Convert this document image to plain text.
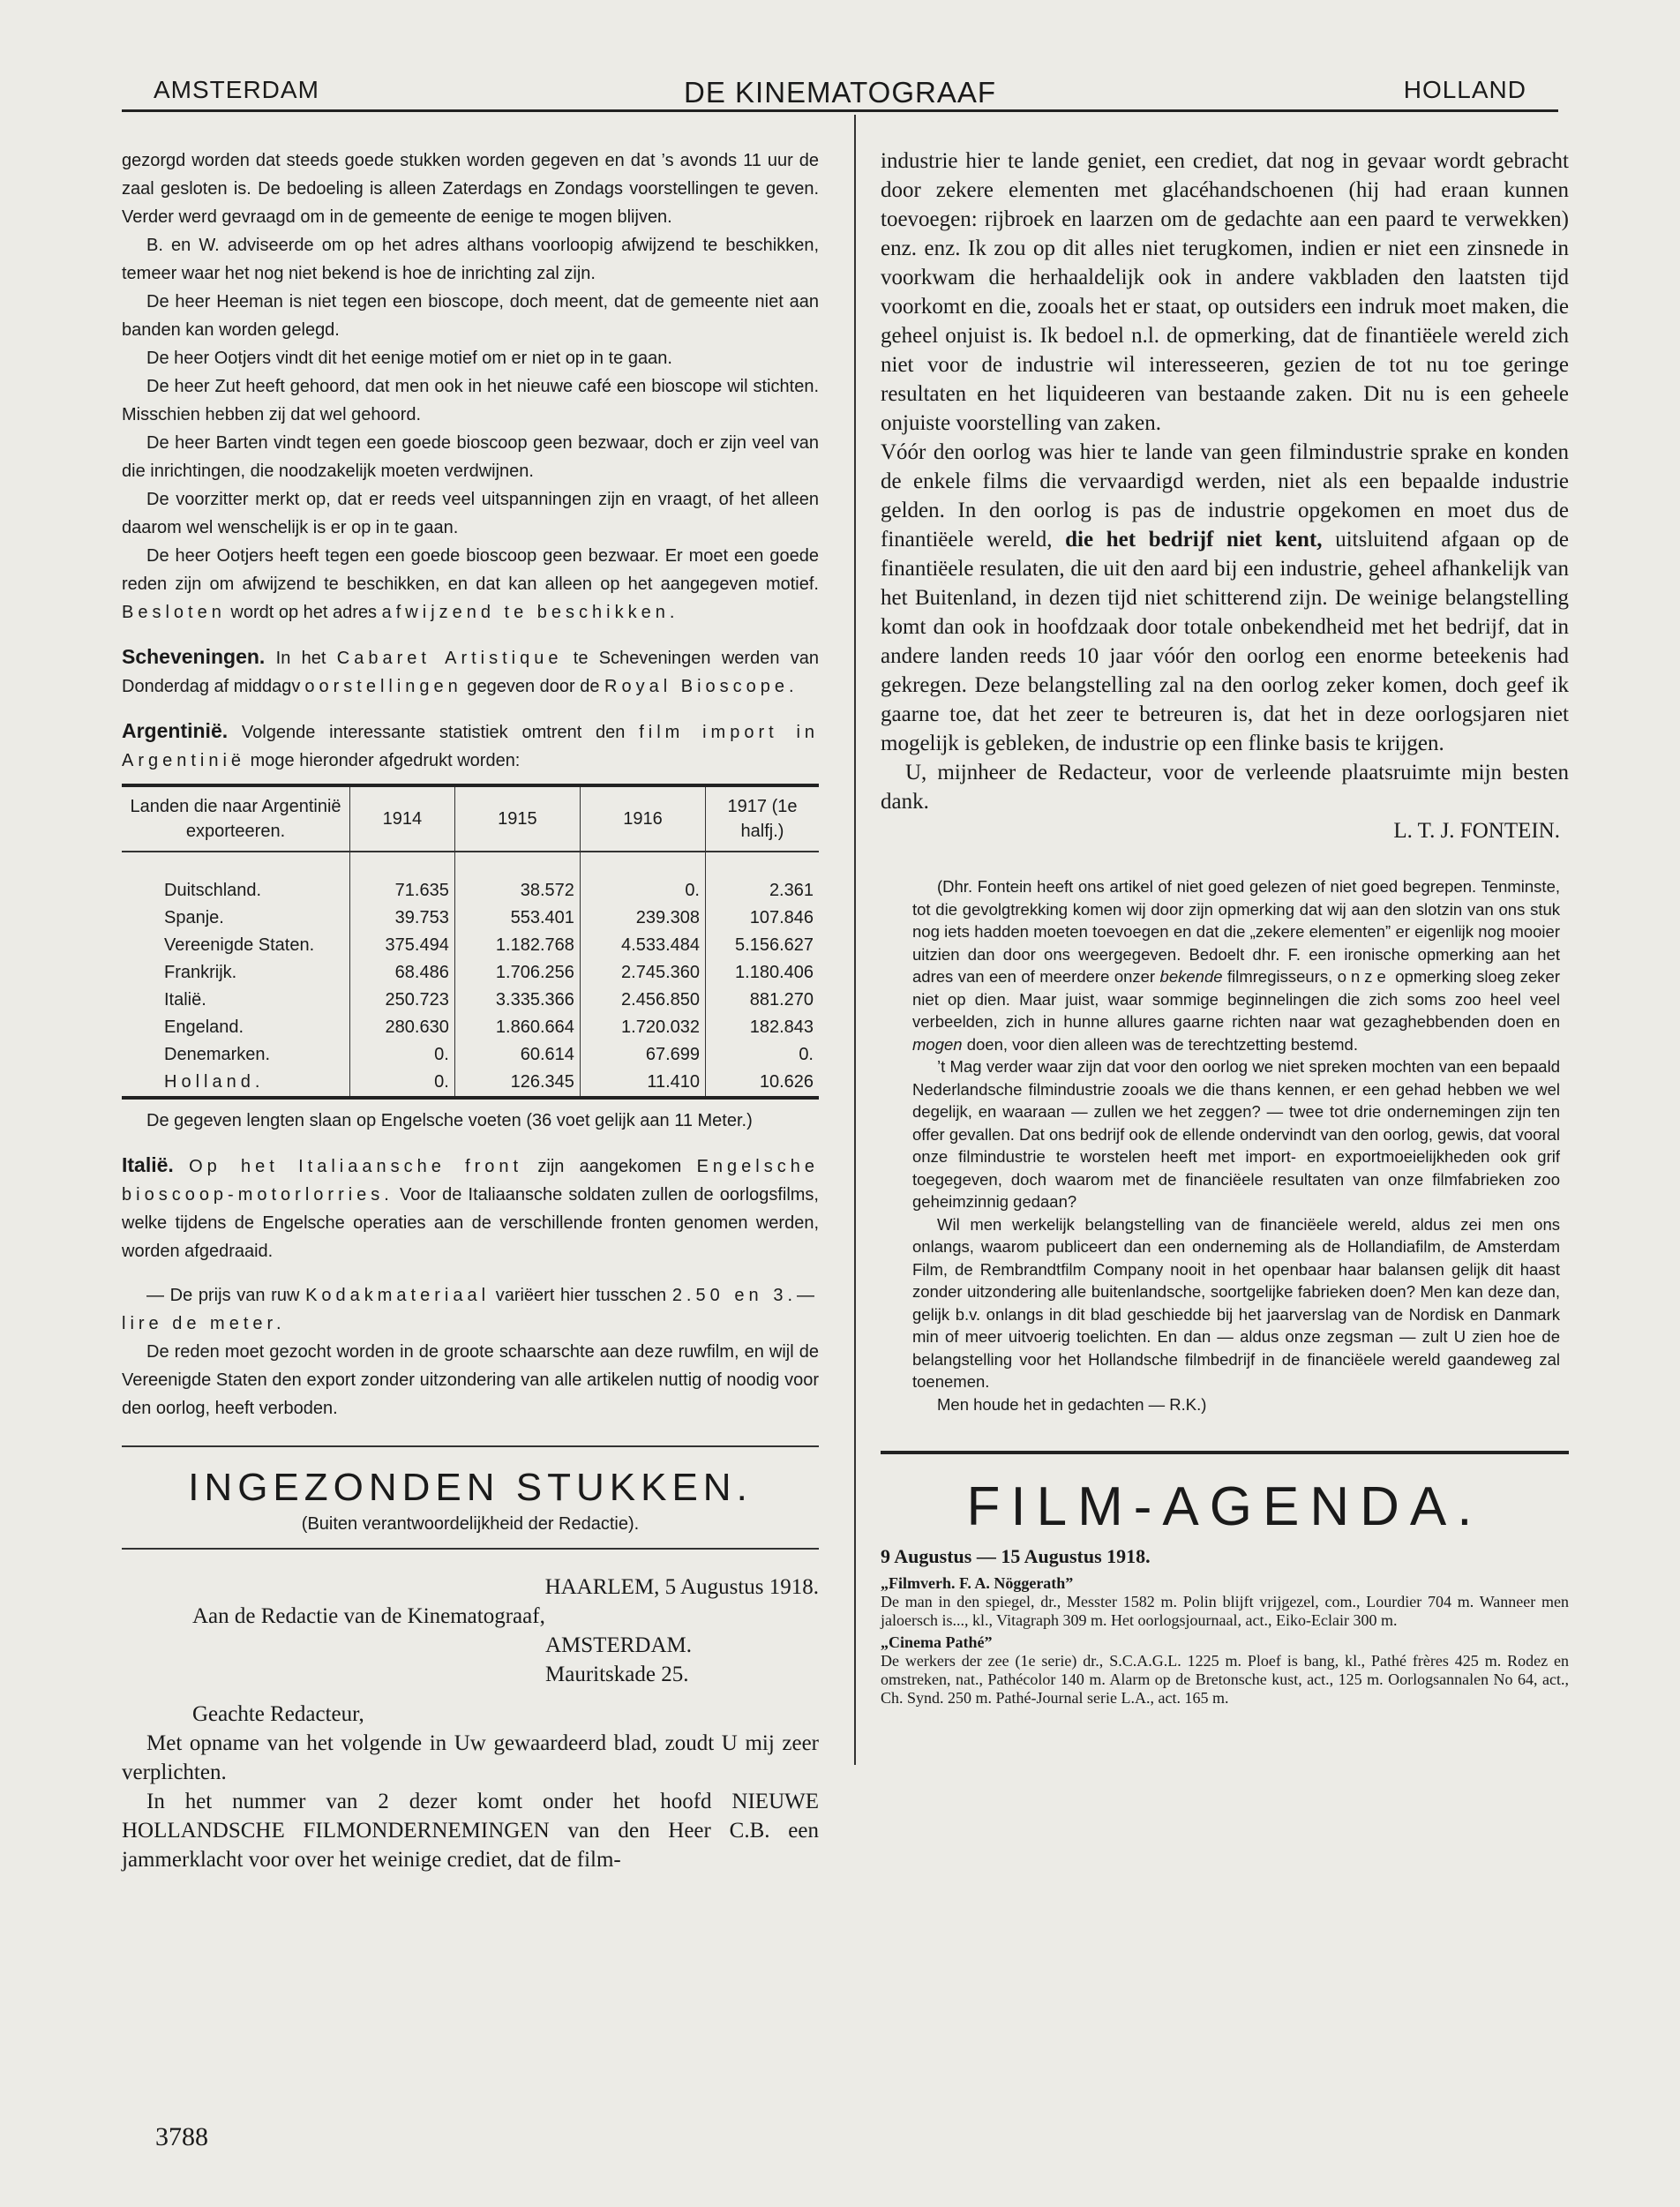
AMSTERDAM	DE KINEMATOGRAAF	HOLLAND

gezorgd worden dat steeds goede stukken worden gegeven en dat ’s avonds 11 uur de zaal gesloten is. De bedoeling is alleen Zaterdags en Zondags voorstellingen te geven. Verder werd gevraagd om in de gemeente de eenige te mogen blijven.

B. en W. adviseerde om op het adres althans voorloopig afwijzend te beschikken, temeer waar het nog niet bekend is hoe de inrichting zal zijn.

De heer Heeman is niet tegen een bioscope, doch meent, dat de gemeente niet aan banden kan worden gelegd.

De heer Ootjers vindt dit het eenige motief om er niet op in te gaan.

De heer Zut heeft gehoord, dat men ook in het nieuwe café een bioscope wil stichten. Misschien hebben zij dat wel gehoord.

De heer Barten vindt tegen een goede bioscoop geen bezwaar, doch er zijn veel van die inrichtingen, die noodzakelijk moeten verdwijnen.

De voorzitter merkt op, dat er reeds veel uitspanningen zijn en vraagt, of het alleen daarom wel wenschelijk is er op in te gaan.

De heer Ootjers heeft tegen een goede bioscoop geen bezwaar. Er moet een goede reden zijn om afwijzend te beschikken, en dat kan alleen op het aangegeven motief. Besloten wordt op het adres afwijzend te beschikken.

Scheveningen. In het Cabaret Artistique te Scheveningen werden van Donderdag af middagvoorstellingen gegeven door de Royal Bioscope.

Argentinië. Volgende interessante statistiek omtrent den film import in Argentinië moge hieronder afgedrukt worden:

Landen die naar Argentinië exporteeren.	1914	1915	1916	1917 (1e halfj.)
Duitschland.	71.635	38.572	0.	2.361
Spanje.	39.753	553.401	239.308	107.846
Vereenigde Staten.	375.494	1.182.768	4.533.484	5.156.627
Frankrijk.	68.486	1.706.256	2.745.360	1.180.406
Italië.	250.723	3.335.366	2.456.850	881.270
Engeland.	280.630	1.860.664	1.720.032	182.843
Denemarken.	0.	60.614	67.699	0.
Holland.	0.	126.345	11.410	10.626

De gegeven lengten slaan op Engelsche voeten (36 voet gelijk aan 11 Meter.)

Italië. Op het Italiaansche front zijn aangekomen Engelsche bioscoop-motorlorries. Voor de Italiaansche soldaten zullen de oorlogsfilms, welke tijdens de Engelsche operaties aan de verschillende fronten genomen werden, worden afgedraaid.

— De prijs van ruw Kodakmateriaal variëert hier tusschen 2.50 en 3.— lire de meter.

De reden moet gezocht worden in de groote schaarschte aan deze ruwfilm, en wijl de Vereenigde Staten den export zonder uitzondering van alle artikelen nuttig of noodig voor den oorlog, heeft verboden.

INGEZONDEN STUKKEN.
(Buiten verantwoordelijkheid der Redactie).

HAARLEM, 5 Augustus 1918.

Aan de Redactie van de Kinematograaf,

AMSTERDAM.

Mauritskade 25.

Geachte Redacteur,

Met opname van het volgende in Uw gewaardeerd blad, zoudt U mij zeer verplichten.

In het nummer van 2 dezer komt onder het hoofd NIEUWE HOLLANDSCHE FILMONDERNEMINGEN van den Heer C.B. een jammerklacht voor over het weinige crediet, dat de film-

3788

industrie hier te lande geniet, een crediet, dat nog in gevaar wordt gebracht door zekere elementen met glacéhandschoenen (hij had eraan kunnen toevoegen: rijbroek en laarzen om de gedachte aan een paard te verwekken) enz. enz. Ik zou op dit alles niet terugkomen, indien er niet een zinsnede in voorkwam die herhaaldelijk ook in andere vakbladen den laatsten tijd voorkomt en die, zooals het er staat, op outsiders een indruk moet maken, die geheel onjuist is. Ik bedoel n.l. de opmerking, dat de finantiëele wereld zich niet voor de industrie wil interesseeren, gezien de tot nu toe geringe resultaten en het liquideeren van bestaande zaken. Dit nu is een geheele onjuiste voorstelling van zaken.

Vóór den oorlog was hier te lande van geen filmindustrie sprake en konden de enkele films die vervaardigd werden, niet als een bepaalde industrie gelden. In den oorlog is pas de industrie opgekomen en moet dus de finantiëele wereld, die het bedrijf niet kent, uitsluitend afgaan op de finantiëele resulaten, die uit den aard bij een industrie, geheel afhankelijk van het Buitenland, in dezen tijd niet schitterend zijn. De weinige belangstelling komt dan ook in hoofdzaak door totale onbekendheid met het bedrijf, dat in andere landen reeds 10 jaar vóór den oorlog een enorme beteekenis had gekregen. Deze belangstelling zal na den oorlog zeker komen, doch geef ik gaarne toe, dat het zeer te betreuren is, dat het in deze oorlogsjaren niet mogelijk is gebleken, de industrie op een flinke basis te krijgen.

U, mijnheer de Redacteur, voor de verleende plaatsruimte mijn besten dank.

L. T. J. FONTEIN.

(Dhr. Fontein heeft ons artikel of niet goed gelezen of niet goed begrepen. Tenminste, tot die gevolgtrekking komen wij door zijn opmerking dat wij aan den slotzin van ons stuk nog iets hadden moeten toevoegen en dat die „zekere elementen” er eigenlijk nog mooier uitzien dan door ons weergegeven. Bedoelt dhr. F. een ironische opmerking aan het adres van een of meerdere onzer bekende filmregisseurs, onze opmerking sloeg zeker niet op dien. Maar juist, waar sommige beginnelingen die zich soms zoo heel veel verbeelden, zich in hunne allures gaarne richten naar wat gezaghebbenden doen en mogen doen, voor dien alleen was de terechtzetting bestemd.

’t Mag verder waar zijn dat voor den oorlog we niet spreken mochten van een bepaald Nederlandsche filmindustrie zooals we die thans kennen, er een gehad hebben we wel degelijk, en waaraan — zullen we het zeggen? — twee tot drie ondernemingen zijn ten offer gevallen. Dat ons bedrijf ook de ellende ondervindt van den oorlog, gewis, dat vooral onze filmindustrie te worstelen heeft met import- en exportmoeielijkheden ook grif toegegeven, doch waarom met de financiëele resultaten van onze filmfabrieken zoo geheimzinnig gedaan?

Wil men werkelijk belangstelling van de financiëele wereld, aldus zei men ons onlangs, waarom publiceert dan een onderneming als de Hollandiafilm, de Amsterdam Film, de Rembrandtfilm Company nooit in het openbaar haar balansen gelijk dit haast zonder uitzondering alle buitenlandsche, soortgelijke fabrieken doen? Men kan deze dan, gelijk b.v. onlangs in dit blad geschiedde bij het jaarverslag van de Nordisk en Danmark min of meer uitvoerig toelichten. En dan — aldus onze zegsman — zult U zien hoe de belangstelling voor het Hollandsche filmbedrijf in de financiëele wereld gaandeweg zal toenemen.

Men houde het in gedachten — R.K.)

FILM-AGENDA.

9 Augustus — 15 Augustus 1918.

„Filmverh. F. A. Nöggerath”

De man in den spiegel, dr., Messter 1582 m. Polin blijft vrijgezel, com., Lourdier 704 m. Wanneer men jaloersch is..., kl., Vitagraph 309 m. Het oorlogsjournaal, act., Eiko-Eclair 300 m.

„Cinema Pathé”

De werkers der zee (1e serie) dr., S.C.A.G.L. 1225 m. Ploef is bang, kl., Pathé frères 425 m. Rodez en omstreken, nat., Pathécolor 140 m. Alarm op de Bretonsche kust, act., 125 m. Oorlogsannalen No 64, act., Ch. Synd. 250 m. Pathé-Journal serie L.A., act. 165 m.
